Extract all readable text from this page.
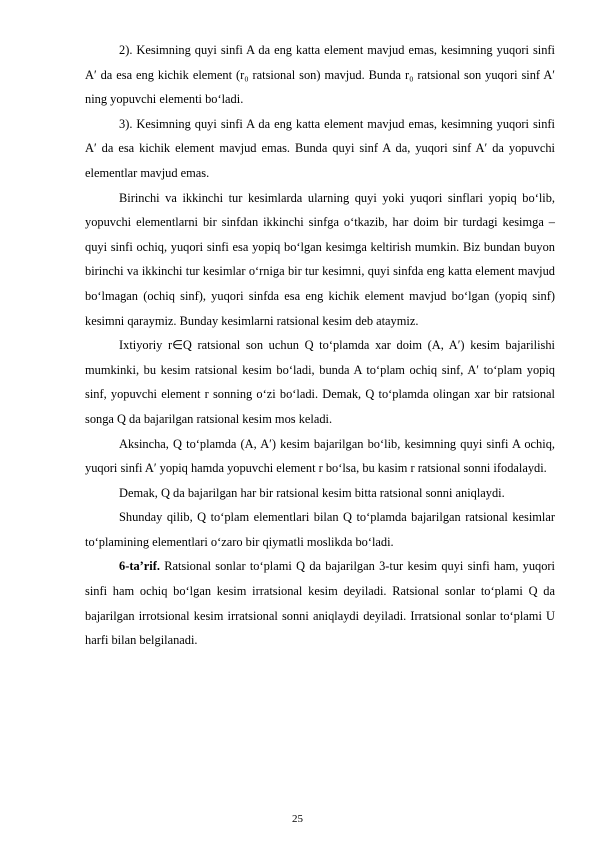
2). Kesimning quyi sinfi A da eng katta element mavjud emas, kesimning yuqori sinfi A′ da esa eng kichik element (r₀ ratsional son) mavjud. Bunda r₀ ratsional son yuqori sinf A′ ning yopuvchi elementi bo‘ladi.

3). Kesimning quyi sinfi A da eng katta element mavjud emas, kesimning yuqori sinfi A′ da esa kichik element mavjud emas. Bunda quyi sinf A da, yuqori sinf A′ da yopuvchi elementlar mavjud emas.

Birinchi va ikkinchi tur kesimlarda ularning quyi yoki yuqori sinflari yopiq bo‘lib, yopuvchi elementlarni bir sinfdan ikkinchi sinfga o‘tkazib, har doim bir turdagi kesimga – quyi sinfi ochiq, yuqori sinfi esa yopiq bo‘lgan kesimga keltirish mumkin. Biz bundan buyon birinchi va ikkinchi tur kesimlar o‘rniga bir tur kesimni, quyi sinfda eng katta element mavjud bo‘lmagan (ochiq sinf), yuqori sinfda esa eng kichik element mavjud bo‘lgan (yopiq sinf) kesimni qaraymiz. Bunday kesimlarni ratsional kesim deb ataymiz.

Ixtiyoriy r∈Q ratsional son uchun Q to‘plamda xar doim (A, A′) kesim bajarilishi mumkinki, bu kesim ratsional kesim bo‘ladi, bunda A to‘plam ochiq sinf, A′ to‘plam yopiq sinf, yopuvchi element r sonning o‘zi bo‘ladi. Demak, Q to‘plamda olingan xar bir ratsional songa Q da bajarilgan ratsional kesim mos keladi.

Aksincha, Q to‘plamda (A, A′) kesim bajarilgan bo‘lib, kesimning quyi sinfi A ochiq, yuqori sinfi A′ yopiq hamda yopuvchi element r bo‘lsa, bu kasim r ratsional sonni ifodalaydi.

Demak, Q da bajarilgan har bir ratsional kesim bitta ratsional sonni aniqlaydi.

Shunday qilib, Q to‘plam elementlari bilan Q to‘plamda bajarilgan ratsional kesimlar to‘plamining elementlari o‘zaro bir qiymatli moslikda bo‘ladi.

6-ta’rif. Ratsional sonlar to‘plami Q da bajarilgan 3-tur kesim quyi sinfi ham, yuqori sinfi ham ochiq bo‘lgan kesim irratsional kesim deyiladi. Ratsional sonlar to‘plami Q da bajarilgan irrotsional kesim irratsional sonni aniqlaydi deyiladi. Irratsional sonlar to‘plami U harfi bilan belgilanadi.

25
